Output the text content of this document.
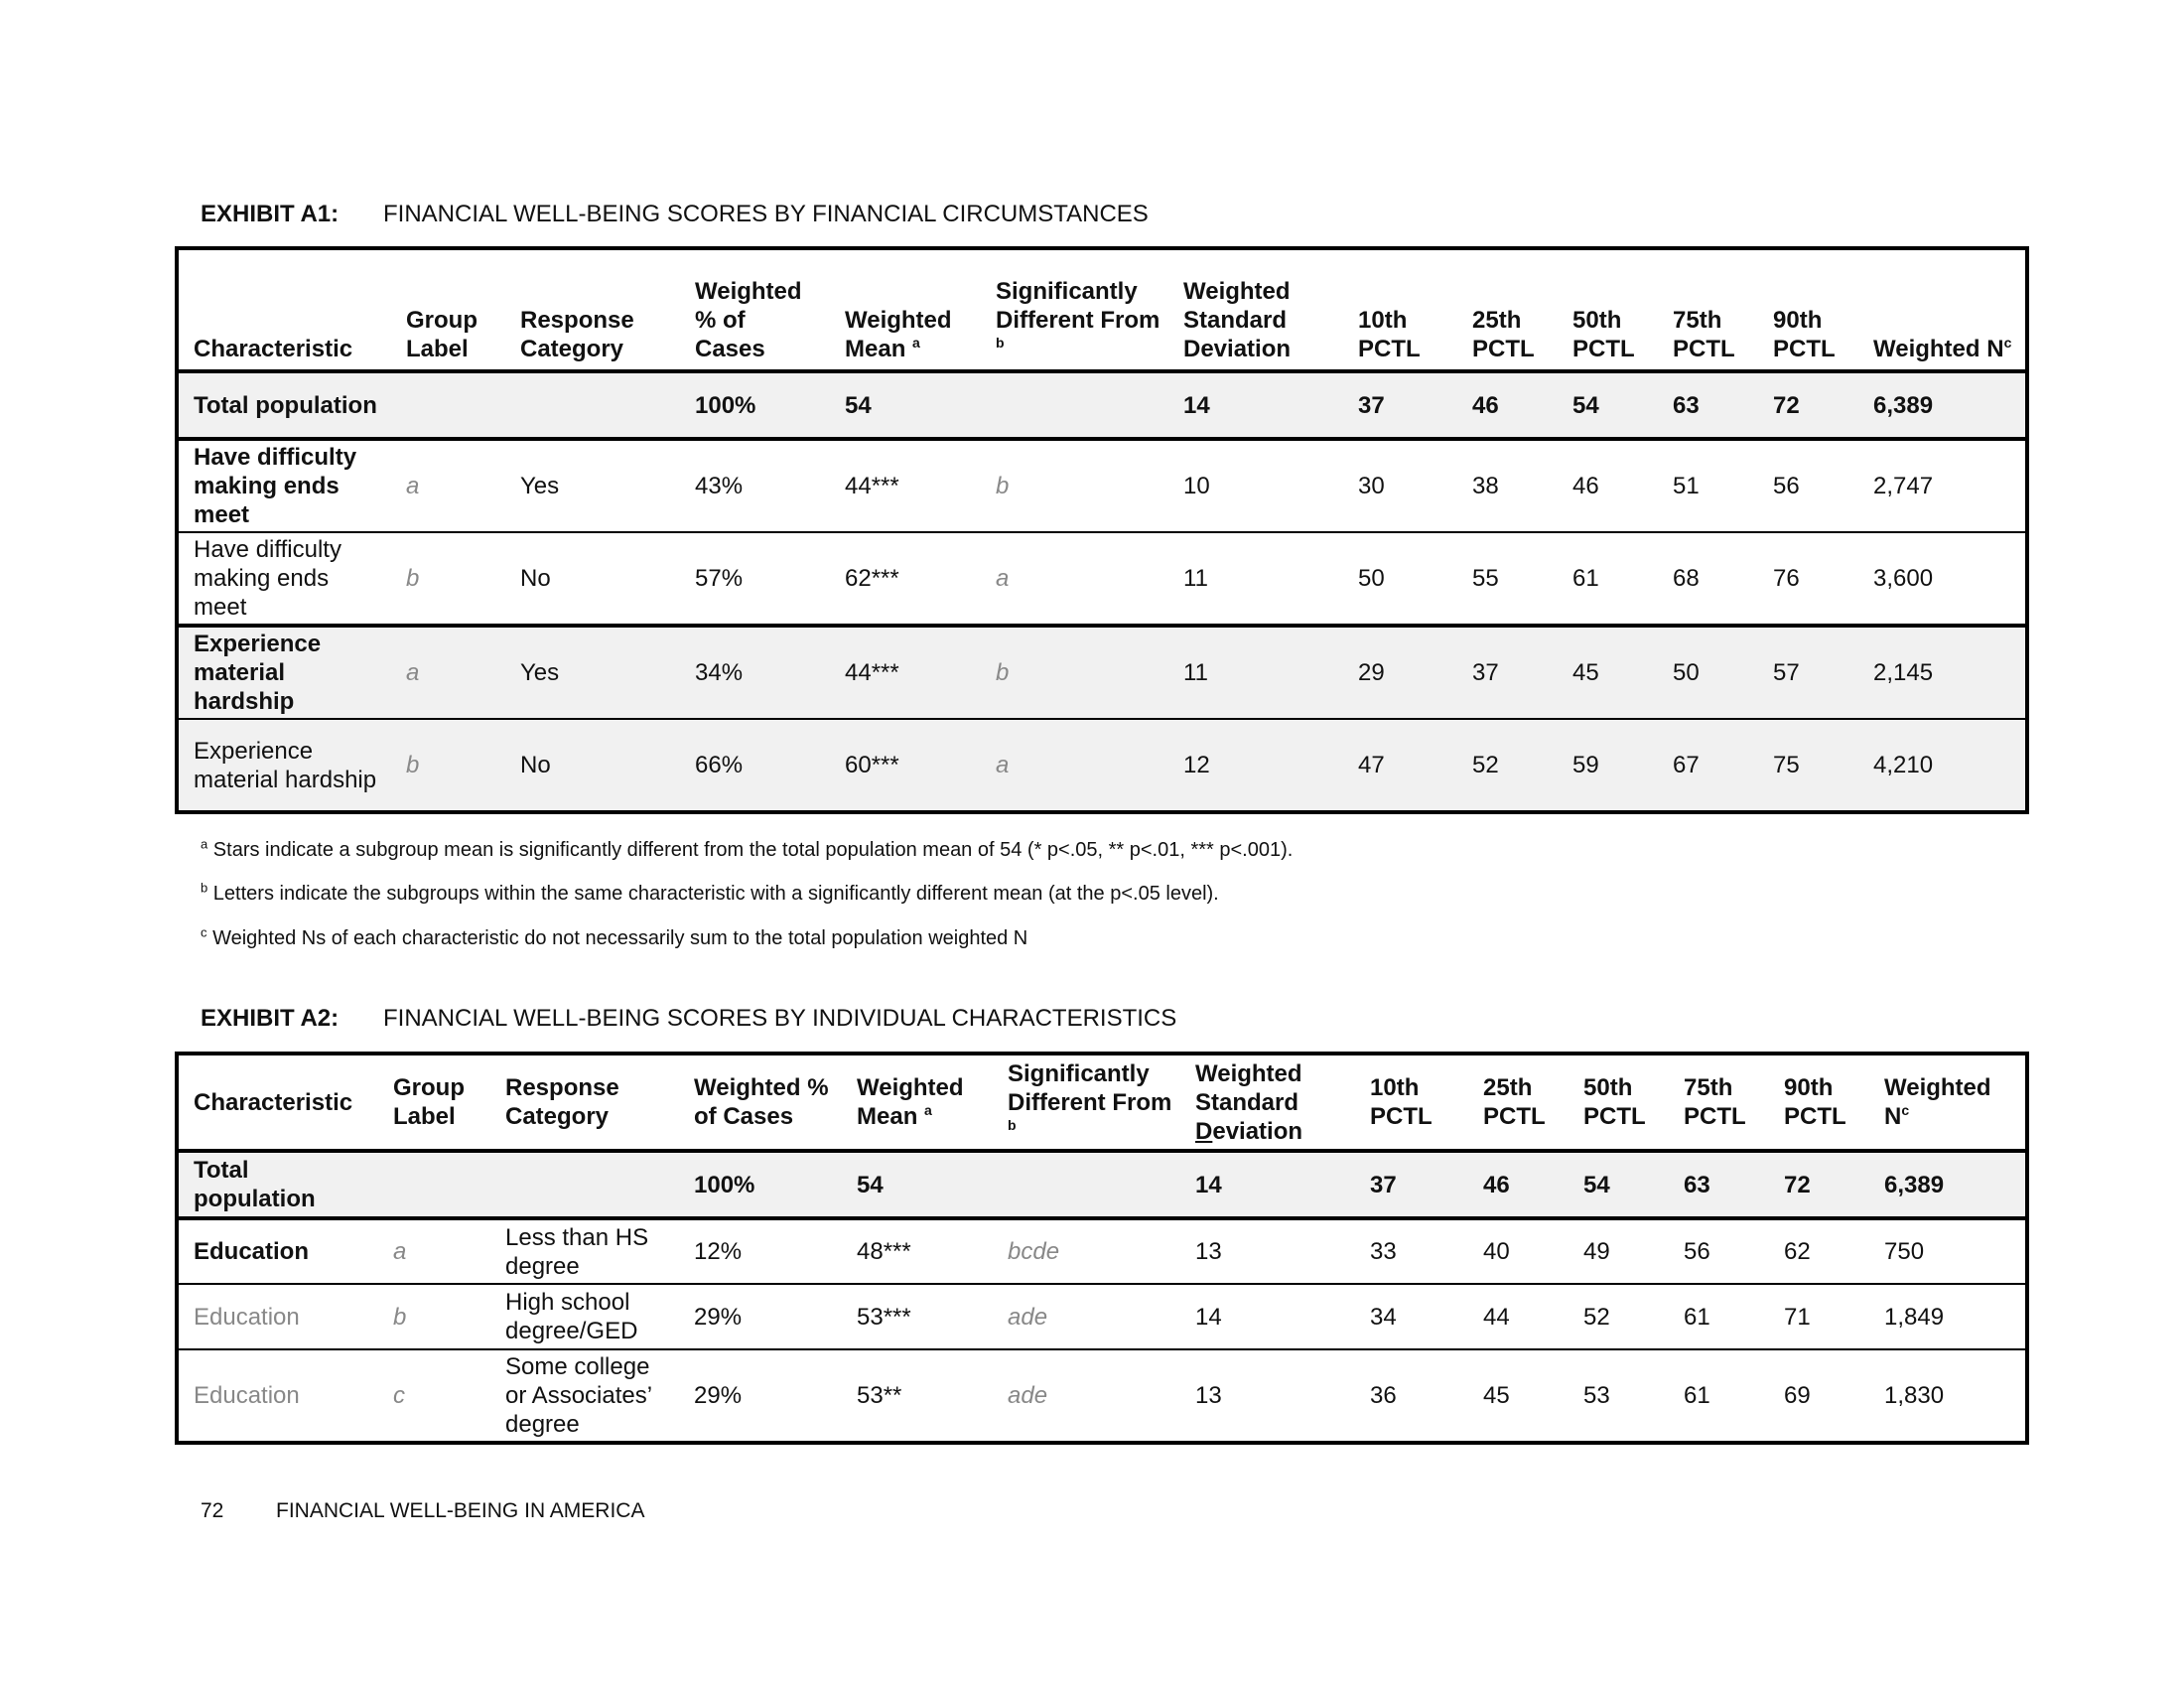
EXHIBIT A1: FINANCIAL WELL-BEING SCORES BY FINANCIAL CIRCUMSTANCES
Characteristic	Group Label	Response Category	Weighted % of Cases	Weighted Mean $^a$	Significantly Different From $^b$	Weighted Standard Deviation	10th PCTL	25th PCTL	50th PCTL	75th PCTL	90th PCTL	Weighted $N^c$
Total population			100%	54		14	37	46	54	63	72	6,389
Have difficulty making ends meet	a	Yes	43%	44***	b	10	30	38	46	51	56	2,747
Have difficulty making ends meet	b	No	57%	62***	a	11	50	55	61	68	76	3,600
Experience material hardship	a	Yes	34%	44***	b	11	29	37	45	50	57	2,145
Experience material hardship	b	No	66%	60***	a	12	47	52	59	67	75	4,210
$^a$ Stars indicate a subgroup mean is significantly different from the total population mean of 54 (* p<.05, ** p<.01, *** p<.001).
$^b$ Letters indicate the subgroups within the same characteristic with a significantly different mean (at the p<.05 level).
$^c$ Weighted Ns of each characteristic do not necessarily sum to the total population weighted N
EXHIBIT A2: FINANCIAL WELL-BEING SCORES BY INDIVIDUAL CHARACTERISTICS
Characteristic	Group Label	Response Category	Weighted % of Cases	Weighted Mean $^a$	Significantly Different From $^b$	Weighted Standard Deviation	10th PCTL	25th PCTL	50th PCTL	75th PCTL	90th PCTL	Weighted $N^c$
Total population			100%	54		14	37	46	54	63	72	6,389
Education	a	Less than HS degree	12%	48***	bcde	13	33	40	49	56	62	750
Education	b	High school degree/GED	29%	53***	ade	14	34	44	52	61	71	1,849
Education	c	Some college or Associates’ degree	29%	53**	ade	13	36	45	53	61	69	1,830
72	FINANCIAL WELL-BEING IN AMERICA
